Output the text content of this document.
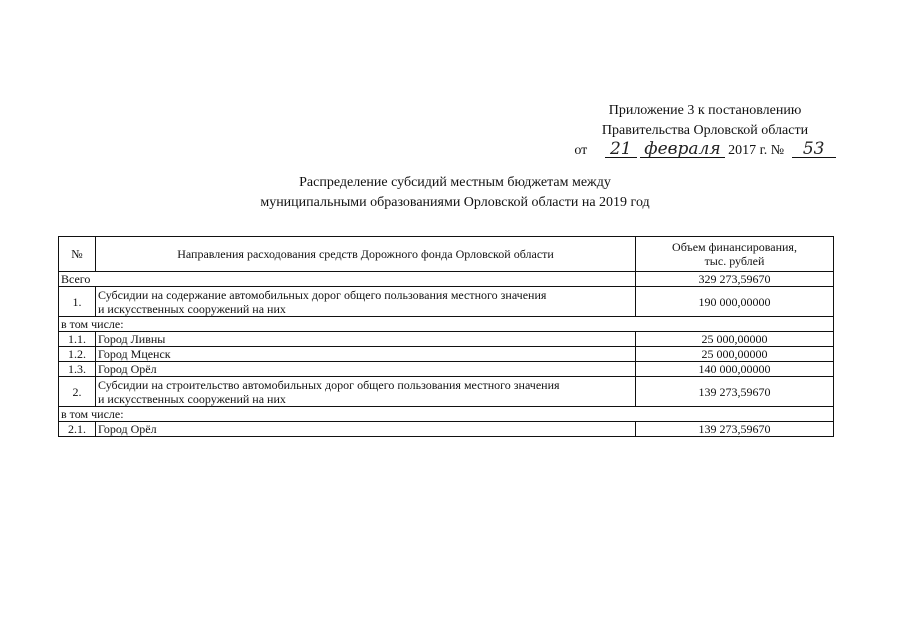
Приложение 3 к постановлению
Правительства Орловской области
от 21 февраля 2017 г. № 53
Распределение субсидий местным бюджетам между
муниципальными образованиями Орловской области на 2019 год
№	Направления расходования средств Дорожного фонда Орловской области	Объем финансирования,
тыс. рублей

Всего		329 273,59670
1.	Субсидии на содержание автомобильных дорог общего пользования местного значения
и искусственных сооружений на них	190 000,00000
в том числе:		
1.1.	Город Ливны	25 000,00000
1.2.	Город Мценск	25 000,00000
1.3.	Город Орёл	140 000,00000
2.	Субсидии на строительство автомобильных дорог общего пользования местного значения
и искусственных сооружений на них	139 273,59670
в том числе:		
2.1.	Город Орёл	139 273,59670
